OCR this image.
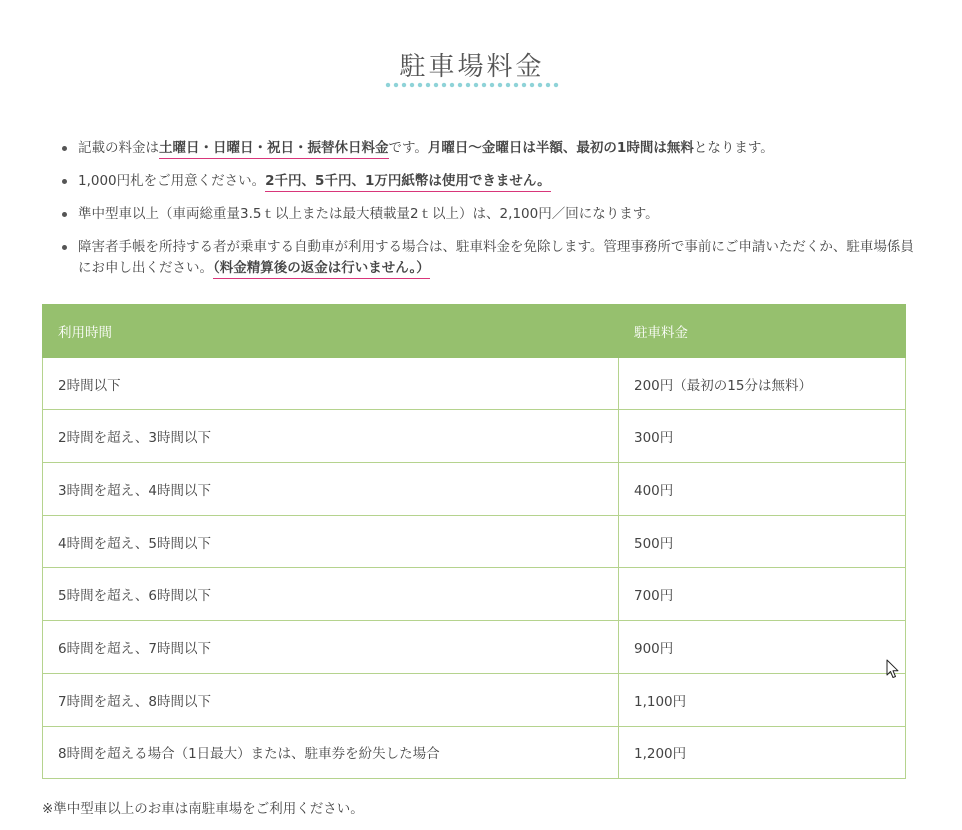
駐車場料金
記載の料金は土曜日・日曜日・祝日・振替休日料金です。月曜日〜金曜日は半額、最初の1時間は無料となります。
1,000円札をご用意ください。2千円、5千円、1万円紙幣は使用できません。
準中型車以上（車両総重量3.5ｔ以上または最大積載量2ｔ以上）は、2,100円／回になります。
障害者手帳を所持する者が乗車する自動車が利用する場合は、駐車料金を免除します。管理事務所で事前にご申請いただくか、駐車場係員にお申し出ください。（料金精算後の返金は行いません。）
利用時間	駐車料金
2時間以下	200円（最初の15分は無料）
2時間を超え、3時間以下	300円
3時間を超え、4時間以下	400円
4時間を超え、5時間以下	500円
5時間を超え、6時間以下	700円
6時間を超え、7時間以下	900円
7時間を超え、8時間以下	1,100円
8時間を超える場合（1日最大）または、駐車券を紛失した場合	1,200円
※準中型車以上のお車は南駐車場をご利用ください。
